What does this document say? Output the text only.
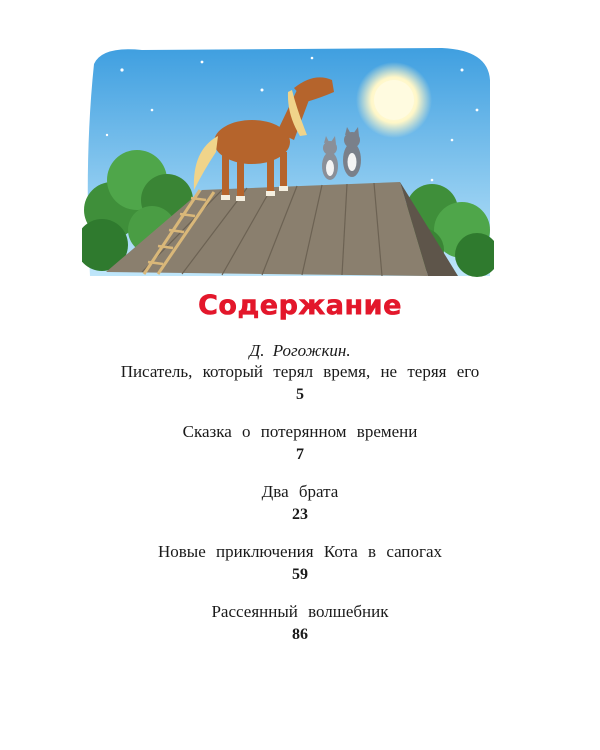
Содержание
Д. Рогожкин.
Писатель, который терял время, не теряя его
5
Сказка о потерянном времени
7
Два брата
23
Новые приключения Кота в сапогах
59
Рассеянный волшебник
86
